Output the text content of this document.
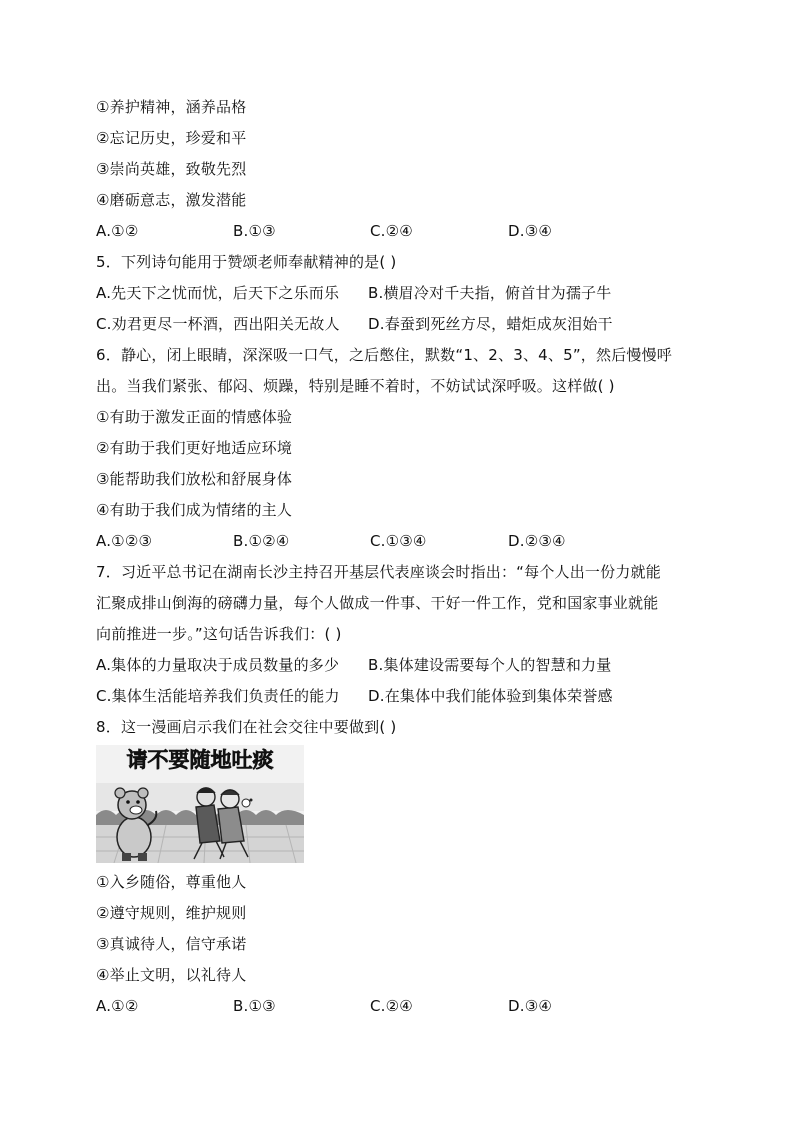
①养护精神，涵养品格
②忘记历史，珍爱和平
③崇尚英雄，致敬先烈
④磨砺意志，激发潜能
A.①②	B.①③	C.②④	D.③④
5．下列诗句能用于赞颂老师奉献精神的是( )
A.先天下之忧而忧，后天下之乐而乐	B.横眉冷对千夫指，俯首甘为孺子牛
C.劝君更尽一杯酒，西出阳关无故人	D.春蚕到死丝方尽，蜡炬成灰泪始干
6．静心，闭上眼睛，深深吸一口气，之后憋住，默数“1、2、3、4、5”，然后慢慢呼
出。当我们紧张、郁闷、烦躁，特别是睡不着时，不妨试试深呼吸。这样做( )
①有助于激发正面的情感体验
②有助于我们更好地适应环境
③能帮助我们放松和舒展身体
④有助于我们成为情绪的主人
A.①②③	B.①②④	C.①③④	D.②③④
7．习近平总书记在湖南长沙主持召开基层代表座谈会时指出：“每个人出一份力就能
汇聚成排山倒海的磅礴力量，每个人做成一件事、干好一件工作，党和国家事业就能
向前推进一步。”这句话告诉我们：( )
A.集体的力量取决于成员数量的多少	B.集体建设需要每个人的智慧和力量
C.集体生活能培养我们负责任的能力	D.在集体中我们能体验到集体荣誉感
8．这一漫画启示我们在社会交往中要做到( )
请不要随地吐痰
①入乡随俗，尊重他人
②遵守规则，维护规则
③真诚待人，信守承诺
④举止文明，以礼待人
A.①②	B.①③	C.②④	D.③④
